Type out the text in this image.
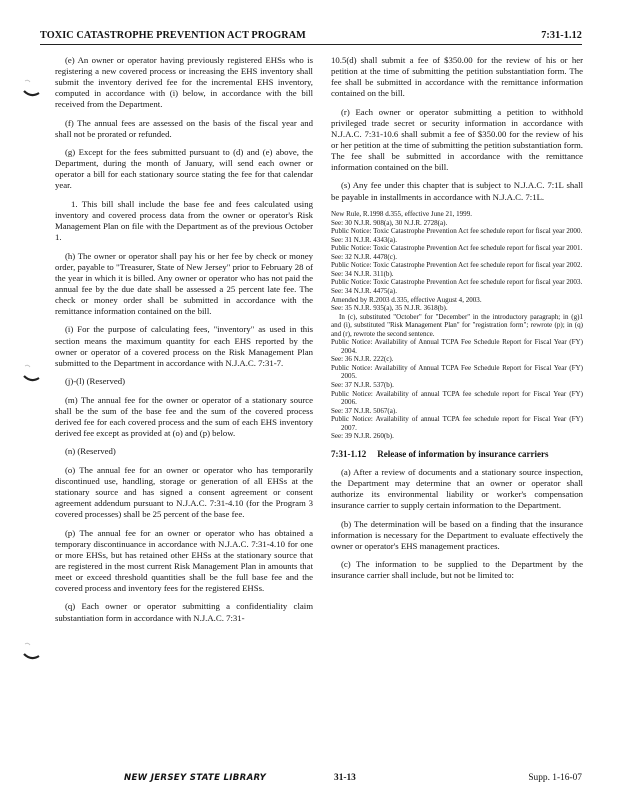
TOXIC CATASTROPHE PREVENTION ACT PROGRAM	7:31-1.12

(e) An owner or operator having previously registered EHSs who is registering a new covered process or increasing the EHS inventory shall submit the inventory derived fee for the incremental EHS inventory, computed in accordance with (i) below, in accordance with the bill received from the Department.

(f) The annual fees are assessed on the basis of the fiscal year and shall not be prorated or refunded.

(g) Except for the fees submitted pursuant to (d) and (e) above, the Department, during the month of January, will send each owner or operator a bill for each stationary source stating the fee for that calendar year.

1. This bill shall include the base fee and fees calculated using inventory and covered process data from the owner or operator's Risk Management Plan on file with the Department as of the previous October 1.

(h) The owner or operator shall pay his or her fee by check or money order, payable to "Treasurer, State of New Jersey" prior to February 28 of the year in which it is billed. Any owner or operator who has not paid the annual fee by the due date shall be assessed a 25 percent late fee. The check or money order shall be submitted in accordance with the remittance information contained on the bill.

(i) For the purpose of calculating fees, "inventory" as used in this section means the maximum quantity for each EHS reported by the owner or operator of a covered process on the Risk Management Plan submitted to the Department in accordance with N.J.A.C. 7:31-7.

(j)-(l) (Reserved)

(m) The annual fee for the owner or operator of a stationary source shall be the sum of the base fee and the sum of the covered process derived fee for each covered process and the sum of each EHS inventory derived fee except as provided at (o) and (p) below.

(n) (Reserved)

(o) The annual fee for an owner or operator who has temporarily discontinued use, handling, storage or generation of all EHSs at the stationary source and has signed a consent agreement or consent agreement addendum pursuant to N.J.A.C. 7:31-4.10 (for the Program 3 covered processes) shall be 25 percent of the base fee.

(p) The annual fee for an owner or operator who has obtained a temporary discontinuance in accordance with N.J.A.C. 7:31-4.10 for one or more EHSs, but has retained other EHSs at the stationary source that are registered in the most current Risk Management Plan in amounts that meet or exceed threshold quantities shall be the full base fee and the covered process and inventory fees for the registered EHSs.

(q) Each owner or operator submitting a confidentiality claim substantiation form in accordance with N.J.A.C. 7:31-

10.5(d) shall submit a fee of $350.00 for the review of his or her petition at the time of submitting the petition substantiation form. The fee shall be submitted in accordance with the remittance information contained on the bill.

(r) Each owner or operator submitting a petition to withhold privileged trade secret or security information in accordance with N.J.A.C. 7:31-10.6 shall submit a fee of $350.00 for the review of his or her petition at the time of submitting the petition substantiation form. The fee shall be submitted in accordance with the remittance information contained on the bill.

(s) Any fee under this chapter that is subject to N.J.A.C. 7:1L shall be payable in installments in accordance with N.J.A.C. 7:1L.

New Rule, R.1998 d.355, effective June 21, 1999.
See: 30 N.J.R. 908(a), 30 N.J.R. 2728(a).
Public Notice: Toxic Catastrophe Prevention Act fee schedule report for fiscal year 2000.
See: 31 N.J.R. 4343(a).
Public Notice: Toxic Catastrophe Prevention Act fee schedule report for fiscal year 2001.
See: 32 N.J.R. 4478(c).
Public Notice: Toxic Catastrophe Prevention Act fee schedule report for fiscal year 2002.
See: 34 N.J.R. 311(b).
Public Notice: Toxic Catastrophe Prevention Act fee schedule report for fiscal year 2003.
See: 34 N.J.R. 4475(a).
Amended by R.2003 d.335, effective August 4, 2003.
See: 35 N.J.R. 935(a), 35 N.J.R. 3618(b).
In (c), substituted "October" for "December" in the introductory paragraph; in (g)1 and (i), substituted "Risk Management Plan" for "registration form"; rewrote (p); in (q) and (r), rewrote the second sentence.
Public Notice: Availability of Annual TCPA Fee Schedule Report for Fiscal Year (FY) 2004.
See: 36 N.J.R. 222(c).
Public Notice: Availability of Annual TCPA Fee Schedule Report for Fiscal Year (FY) 2005.
See: 37 N.J.R. 537(b).
Public Notice: Availability of annual TCPA fee schedule report for Fiscal Year (FY) 2006.
See: 37 N.J.R. 5067(a).
Public Notice: Availability of annual TCPA fee schedule report for Fiscal Year (FY) 2007.
See: 39 N.J.R. 260(b).
7:31-1.12 Release of information by insurance carriers

(a) After a review of documents and a stationary source inspection, the Department may determine that an owner or operator shall authorize its environmental liability or worker's compensation insurance carrier to supply certain information to the Department.

(b) The determination will be based on a finding that the insurance information is necessary for the Department to evaluate effectively the owner or operator's EHS management practices.

(c) The information to be supplied to the Department by the insurance carrier shall include, but not be limited to:

NEW JERSEY STATE LIBRARY	31-13	Supp. 1-16-07
